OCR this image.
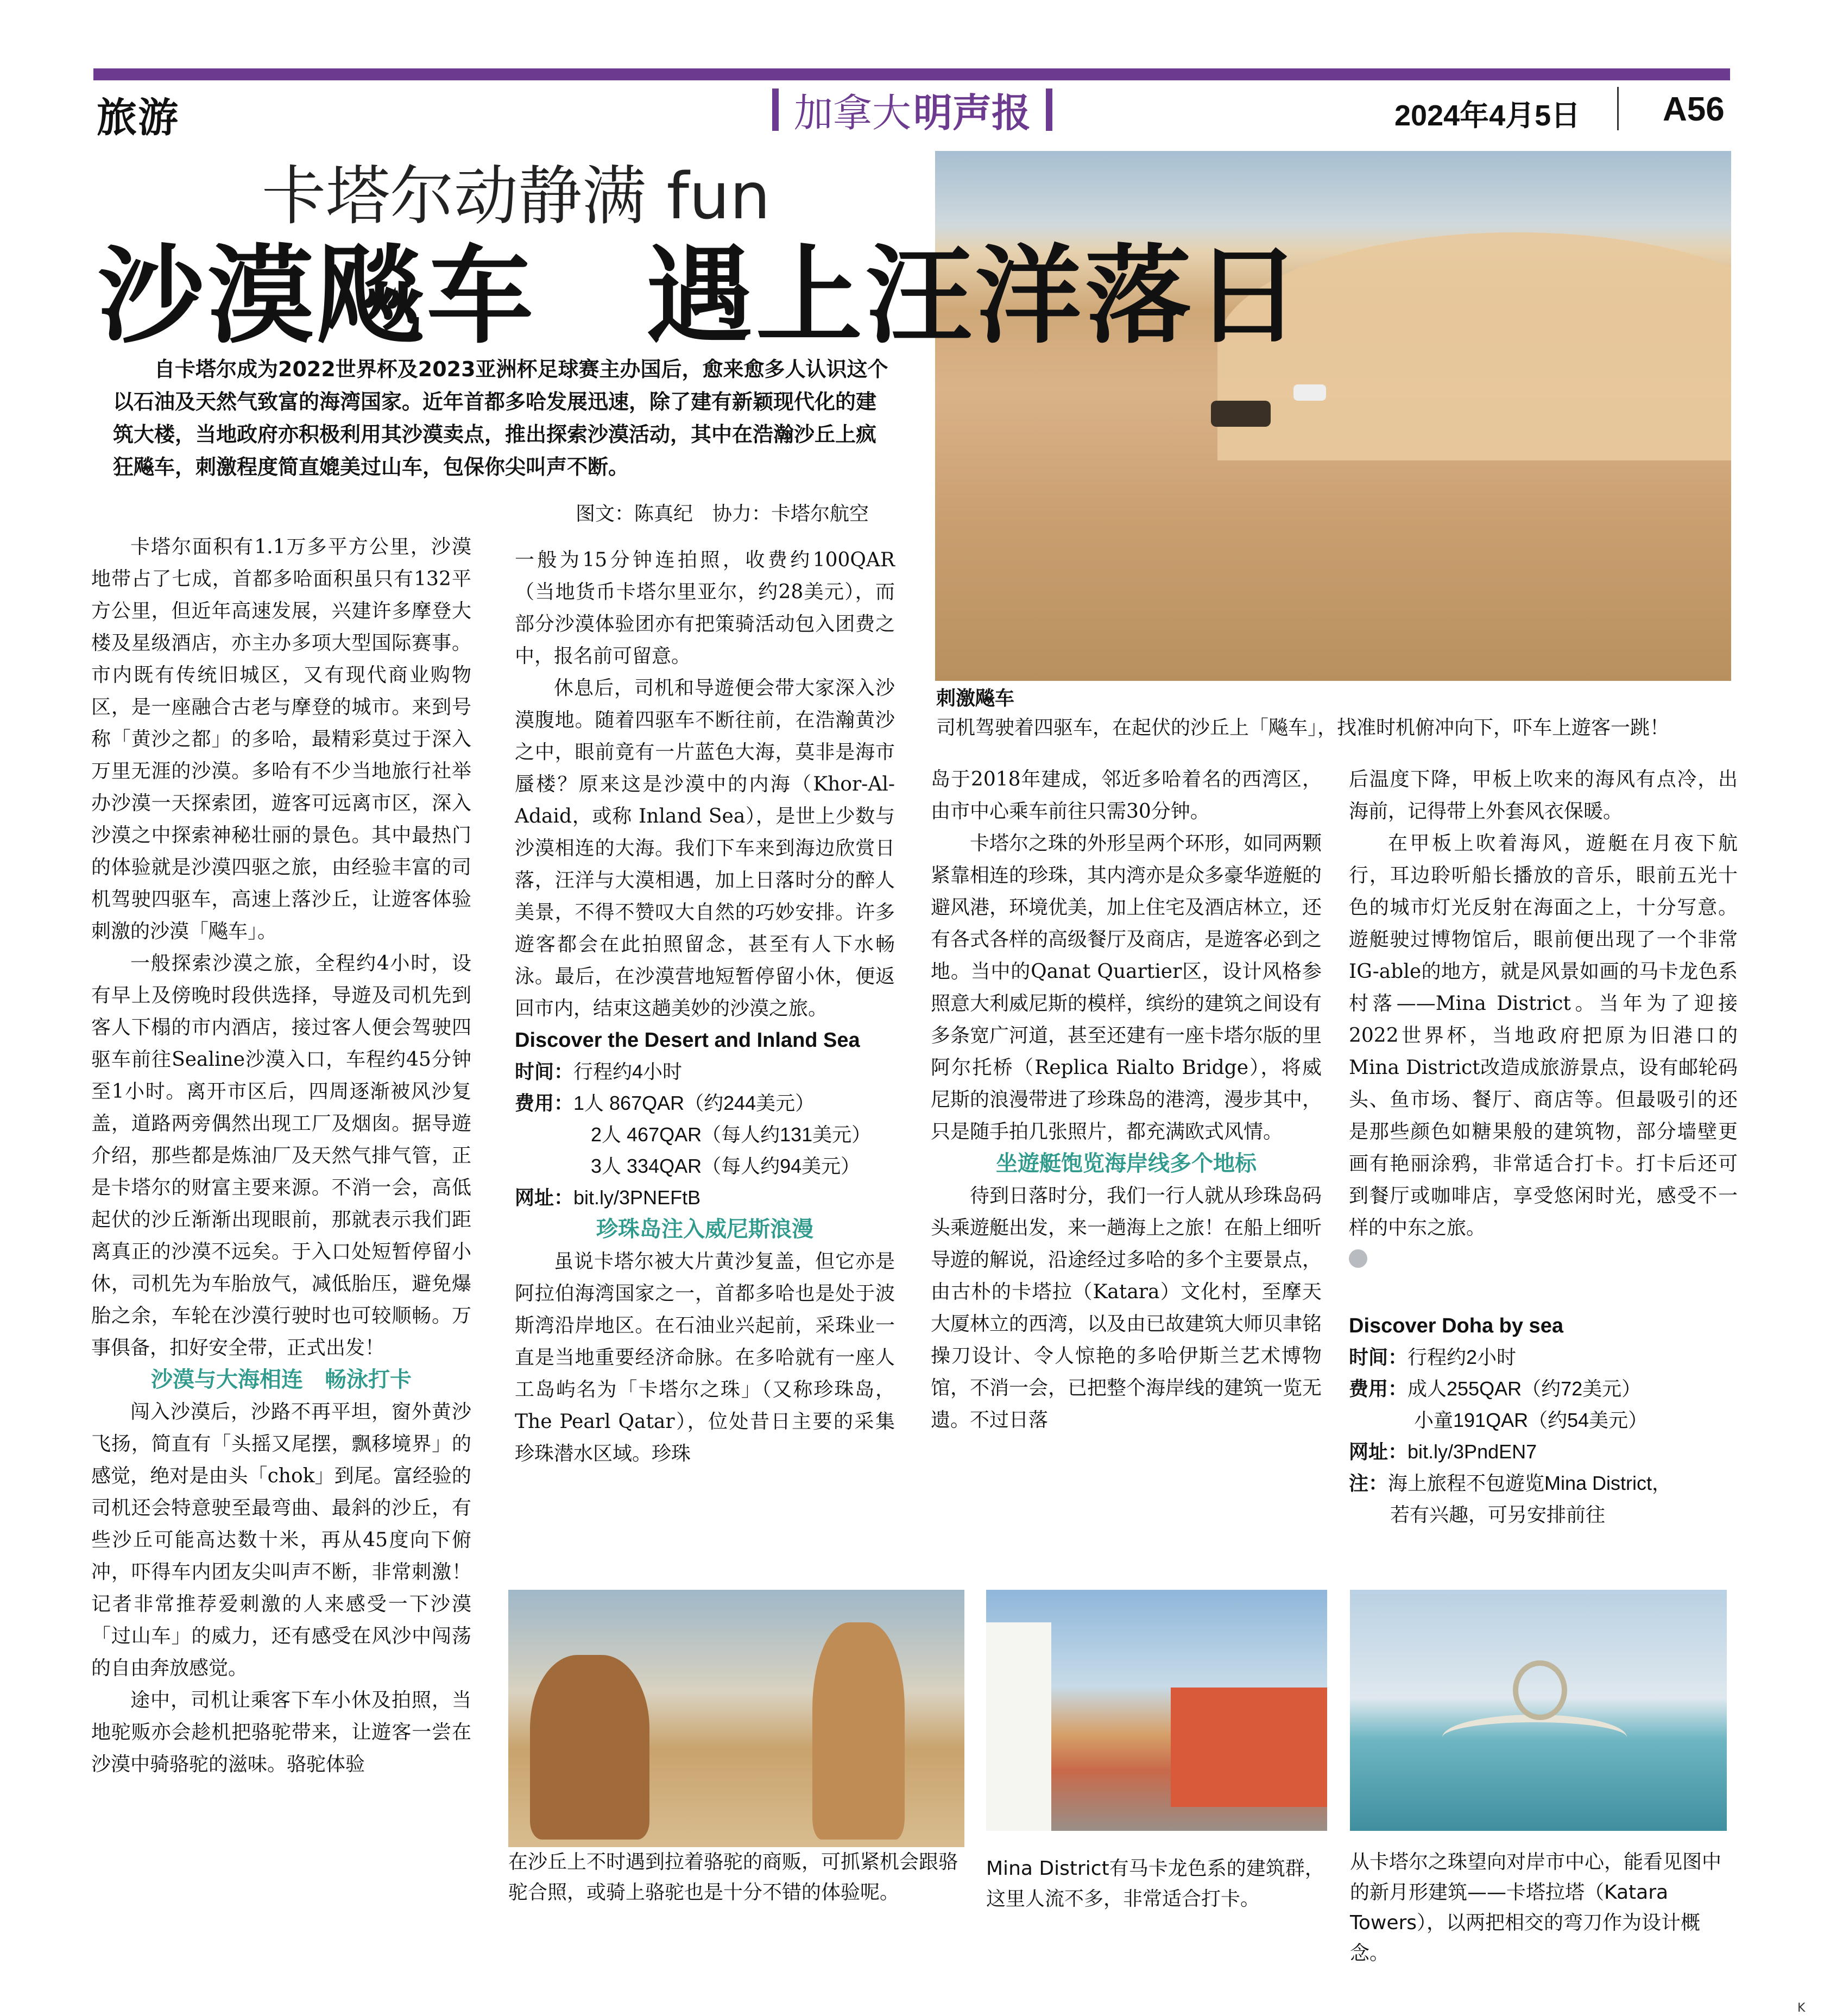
旅游	加拿大 明声报	2024年4月5日 A56
卡塔尔动静满 fun
沙漠飚车　遇上汪洋落日
刺激飚车
司机驾驶着四驱车，在起伏的沙丘上「飚车」，找准时机俯冲向下，吓车上遊客一跳！
自卡塔尔成为2022世界杯及2023亚洲杯足球赛主办国后，愈来愈多人认识这个以石油及天然气致富的海湾国家。近年首都多哈发展迅速，除了建有新颖现代化的建筑大楼，当地政府亦积极利用其沙漠卖点，推出探索沙漠活动，其中在浩瀚沙丘上疯狂飚车，刺激程度简直媲美过山车，包保你尖叫声不断。
图文：陈真纪　协力：卡塔尔航空

卡塔尔面积有1.1万多平方公里，沙漠地带占了七成，首都多哈面积虽只有132平方公里，但近年高速发展，兴建许多摩登大楼及星级酒店，亦主办多项大型国际赛事。市内既有传统旧城区，又有现代商业购物区，是一座融合古老与摩登的城市。来到号称「黄沙之都」的多哈，最精彩莫过于深入万里无涯的沙漠。多哈有不少当地旅行社举办沙漠一天探索团，遊客可远离市区，深入沙漠之中探索神秘壮丽的景色。其中最热门的体验就是沙漠四驱之旅，由经验丰富的司机驾驶四驱车，高速上落沙丘，让遊客体验刺激的沙漠「飚车」。

一般探索沙漠之旅，全程约4小时，设有早上及傍晚时段供选择，导遊及司机先到客人下榻的市内酒店，接过客人便会驾驶四驱车前往Sealine沙漠入口，车程约45分钟至1小时。离开市区后，四周逐渐被风沙复盖，道路两旁偶然出现工厂及烟囱。据导遊介绍，那些都是炼油厂及天然气排气管，正是卡塔尔的财富主要来源。不消一会，高低起伏的沙丘渐渐出现眼前，那就表示我们距离真正的沙漠不远矣。于入口处短暂停留小休，司机先为车胎放气，减低胎压，避免爆胎之余，车轮在沙漠行驶时也可较顺畅。万事俱备，扣好安全带，正式出发！

沙漠与大海相连　畅泳打卡

闯入沙漠后，沙路不再平坦，窗外黄沙飞扬，简直有「头摇又尾摆，飘移境界」的感觉，绝对是由头「chok」到尾。富经验的司机还会特意驶至最弯曲、最斜的沙丘，有些沙丘可能高达数十米，再从45度向下俯冲，吓得车内团友尖叫声不断，非常刺激！记者非常推荐爱刺激的人来感受一下沙漠「过山车」的威力，还有感受在风沙中闯荡的自由奔放感觉。

途中，司机让乘客下车小休及拍照，当地驼贩亦会趁机把骆驼带来，让遊客一尝在沙漠中骑骆驼的滋味。骆驼体验

一般为15分钟连拍照，收费约100QAR（当地货币卡塔尔里亚尔，约28美元），而部分沙漠体验团亦有把策骑活动包入团费之中，报名前可留意。

休息后，司机和导遊便会带大家深入沙漠腹地。随着四驱车不断往前，在浩瀚黄沙之中，眼前竟有一片蓝色大海，莫非是海市蜃楼？原来这是沙漠中的内海（Khor-Al-Adaid，或称 Inland Sea），是世上少数与沙漠相连的大海。我们下车来到海边欣赏日落，汪洋与大漠相遇，加上日落时分的醉人美景，不得不赞叹大自然的巧妙安排。许多遊客都会在此拍照留念，甚至有人下水畅泳。最后，在沙漠营地短暂停留小休，便返回市内，结束这趟美妙的沙漠之旅。

Discover the Desert and Inland Sea
时间：行程约4小时
费用：1人 867QAR（约244美元）
2人 467QAR（每人约131美元）
3人 334QAR（每人约94美元）
网址：bit.ly/3PNEFtB

珍珠岛注入威尼斯浪漫

虽说卡塔尔被大片黄沙复盖，但它亦是阿拉伯海湾国家之一，首都多哈也是处于波斯湾沿岸地区。在石油业兴起前，采珠业一直是当地重要经济命脉。在多哈就有一座人工岛屿名为「卡塔尔之珠」（又称珍珠岛，The Pearl Qatar），位处昔日主要的采集珍珠潜水区域。珍珠

岛于2018年建成，邻近多哈着名的西湾区，由市中心乘车前往只需30分钟。

卡塔尔之珠的外形呈两个环形，如同两颗紧靠相连的珍珠，其内湾亦是众多豪华遊艇的避风港，环境优美，加上住宅及酒店林立，还有各式各样的高级餐厅及商店，是遊客必到之地。当中的Qanat Quartier区，设计风格参照意大利威尼斯的模样，缤纷的建筑之间设有多条宽广河道，甚至还建有一座卡塔尔版的里阿尔托桥（Replica Rialto Bridge），将威尼斯的浪漫带进了珍珠岛的港湾，漫步其中，只是随手拍几张照片，都充满欧式风情。

坐遊艇饱览海岸线多个地标

待到日落时分，我们一行人就从珍珠岛码头乘遊艇出发，来一趟海上之旅！在船上细听导遊的解说，沿途经过多哈的多个主要景点，由古朴的卡塔拉（Katara）文化村，至摩天大厦林立的西湾，以及由已故建筑大师贝聿铭操刀设计、令人惊艳的多哈伊斯兰艺术博物馆，不消一会，已把整个海岸线的建筑一览无遗。不过日落

后温度下降，甲板上吹来的海风有点冷，出海前，记得带上外套风衣保暖。

在甲板上吹着海风，遊艇在月夜下航行，耳边聆听船长播放的音乐，眼前五光十色的城市灯光反射在海面之上，十分写意。遊艇驶过博物馆后，眼前便出现了一个非常IG-able的地方，就是风景如画的马卡龙色系村落——Mina District。当年为了迎接2022世界杯，当地政府把原为旧港口的Mina District改造成旅游景点，设有邮轮码头、鱼市场、餐厅、商店等。但最吸引的还是那些颜色如糖果般的建筑物，部分墙壁更画有艳丽涂鸦，非常适合打卡。打卡后还可到餐厅或咖啡店，享受悠闲时光，感受不一样的中东之旅。

Discover Doha by sea
时间：行程约2小时
费用：成人255QAR（约72美元）
小童191QAR（约54美元）
网址：bit.ly/3PndEN7
注：海上旅程不包遊览Mina District，
若有兴趣，可另安排前往
在沙丘上不时遇到拉着骆驼的商贩，可抓紧机会跟骆驼合照，或骑上骆驼也是十分不错的体验呢。
Mina District有马卡龙色系的建筑群，这里人流不多，非常适合打卡。
从卡塔尔之珠望向对岸市中心，能看见图中的新月形建筑——卡塔拉塔（Katara Towers），以两把相交的弯刀作为设计概念。
K
